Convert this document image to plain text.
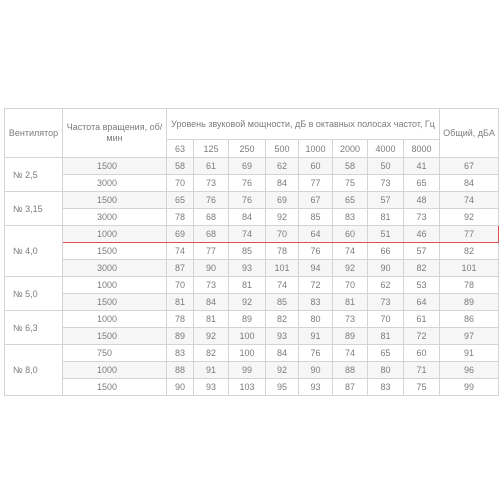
Вентилятор	Частота вращения, об/мин	Уровень звуковой мощности, дБ в октавных полосах частот, Гц								Общий, дБA
		63	125	250	500	1000	2000	4000	8000	
№ 2,5	1500	58	61	69	62	60	58	50	41	67
	3000	70	73	76	84	77	75	73	65	84
№ 3,15	1500	65	76	76	69	67	65	57	48	74
	3000	78	68	84	92	85	83	81	73	92
№ 4,0	1000	69	68	74	70	64	60	51	46	77
	1500	74	77	85	78	76	74	66	57	82
	3000	87	90	93	101	94	92	90	82	101
№ 5,0	1000	70	73	81	74	72	70	62	53	78
	1500	81	84	92	85	83	81	73	64	89
№ 6,3	1000	78	81	89	82	80	73	70	61	86
	1500	89	92	100	93	91	89	81	72	97
№ 8,0	750	83	82	100	84	76	74	65	60	91
	1000	88	91	99	92	90	88	80	71	96
	1500	90	93	103	95	93	87	83	75	99
